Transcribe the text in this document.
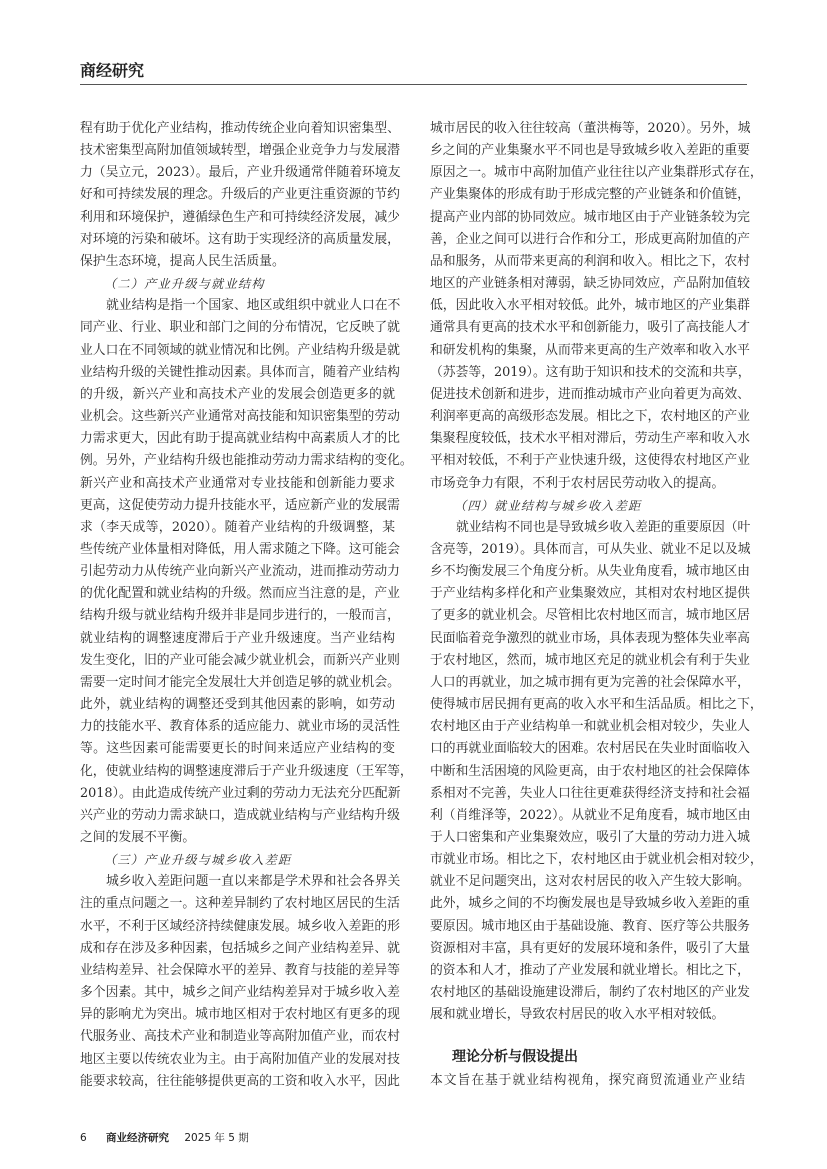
商经研究
程有助于优化产业结构，推动传统企业向着知识密集型、
技术密集型高附加值领域转型，增强企业竞争力与发展潜
力（吴立元，2023）。最后，产业升级通常伴随着环境友
好和可持续发展的理念。升级后的产业更注重资源的节约
利用和环境保护，遵循绿色生产和可持续经济发展，减少
对环境的污染和破坏。这有助于实现经济的高质量发展，
保护生态环境，提高人民生活质量。
（二）产业升级与就业结构
就业结构是指一个国家、地区或组织中就业人口在不
同产业、行业、职业和部门之间的分布情况，它反映了就
业人口在不同领域的就业情况和比例。产业结构升级是就
业结构升级的关键性推动因素。具体而言，随着产业结构
的升级，新兴产业和高技术产业的发展会创造更多的就
业机会。这些新兴产业通常对高技能和知识密集型的劳动
力需求更大，因此有助于提高就业结构中高素质人才的比
例。另外，产业结构升级也能推动劳动力需求结构的变化。
新兴产业和高技术产业通常对专业技能和创新能力要求
更高，这促使劳动力提升技能水平，适应新产业的发展需
求（李天成等，2020）。随着产业结构的升级调整，某
些传统产业体量相对降低，用人需求随之下降。这可能会
引起劳动力从传统产业向新兴产业流动，进而推动劳动力
的优化配置和就业结构的升级。然而应当注意的是，产业
结构升级与就业结构升级并非是同步进行的，一般而言，
就业结构的调整速度滞后于产业升级速度。当产业结构
发生变化，旧的产业可能会减少就业机会，而新兴产业则
需要一定时间才能完全发展壮大并创造足够的就业机会。
此外，就业结构的调整还受到其他因素的影响，如劳动
力的技能水平、教育体系的适应能力、就业市场的灵活性
等。这些因素可能需要更长的时间来适应产业结构的变
化，使就业结构的调整速度滞后于产业升级速度（王军等，
2018）。由此造成传统产业过剩的劳动力无法充分匹配新
兴产业的劳动力需求缺口，造成就业结构与产业结构升级
之间的发展不平衡。
（三）产业升级与城乡收入差距
城乡收入差距问题一直以来都是学术界和社会各界关
注的重点问题之一。这种差异制约了农村地区居民的生活
水平，不利于区域经济持续健康发展。城乡收入差距的形
成和存在涉及多种因素，包括城乡之间产业结构差异、就
业结构差异、社会保障水平的差异、教育与技能的差异等
多个因素。其中，城乡之间产业结构差异对于城乡收入差
异的影响尤为突出。城市地区相对于农村地区有更多的现
代服务业、高技术产业和制造业等高附加值产业，而农村
地区主要以传统农业为主。由于高附加值产业的发展对技
能要求较高，往往能够提供更高的工资和收入水平，因此
城市居民的收入往往较高（董洪梅等，2020）。另外，城
乡之间的产业集聚水平不同也是导致城乡收入差距的重要
原因之一。城市中高附加值产业往往以产业集群形式存在，
产业集聚体的形成有助于形成完整的产业链条和价值链，
提高产业内部的协同效应。城市地区由于产业链条较为完
善，企业之间可以进行合作和分工，形成更高附加值的产
品和服务，从而带来更高的利润和收入。相比之下，农村
地区的产业链条相对薄弱，缺乏协同效应，产品附加值较
低，因此收入水平相对较低。此外，城市地区的产业集群
通常具有更高的技术水平和创新能力，吸引了高技能人才
和研发机构的集聚，从而带来更高的生产效率和收入水平
（苏荟等，2019）。这有助于知识和技术的交流和共享，
促进技术创新和进步，进而推动城市产业向着更为高效、
利润率更高的高级形态发展。相比之下，农村地区的产业
集聚程度较低，技术水平相对滞后，劳动生产率和收入水
平相对较低，不利于产业快速升级，这使得农村地区产业
市场竞争力有限，不利于农村居民劳动收入的提高。
（四）就业结构与城乡收入差距
就业结构不同也是导致城乡收入差距的重要原因（叶
含亮等，2019）。具体而言，可从失业、就业不足以及城
乡不均衡发展三个角度分析。从失业角度看，城市地区由
于产业结构多样化和产业集聚效应，其相对农村地区提供
了更多的就业机会。尽管相比农村地区而言，城市地区居
民面临着竞争激烈的就业市场，具体表现为整体失业率高
于农村地区，然而，城市地区充足的就业机会有利于失业
人口的再就业，加之城市拥有更为完善的社会保障水平，
使得城市居民拥有更高的收入水平和生活品质。相比之下，
农村地区由于产业结构单一和就业机会相对较少，失业人
口的再就业面临较大的困难。农村居民在失业时面临收入
中断和生活困境的风险更高，由于农村地区的社会保障体
系相对不完善，失业人口往往更难获得经济支持和社会福
利（肖维泽等，2022）。从就业不足角度看，城市地区由
于人口密集和产业集聚效应，吸引了大量的劳动力进入城
市就业市场。相比之下，农村地区由于就业机会相对较少，
就业不足问题突出，这对农村居民的收入产生较大影响。
此外，城乡之间的不均衡发展也是导致城乡收入差距的重
要原因。城市地区由于基础设施、教育、医疗等公共服务
资源相对丰富，具有更好的发展环境和条件，吸引了大量
的资本和人才，推动了产业发展和就业增长。相比之下，
农村地区的基础设施建设滞后，制约了农村地区的产业发
展和就业增长，导致农村居民的收入水平相对较低。
理论分析与假设提出
本文旨在基于就业结构视角，探究商贸流通业产业结
6 商业经济研究 2025 年 5 期
